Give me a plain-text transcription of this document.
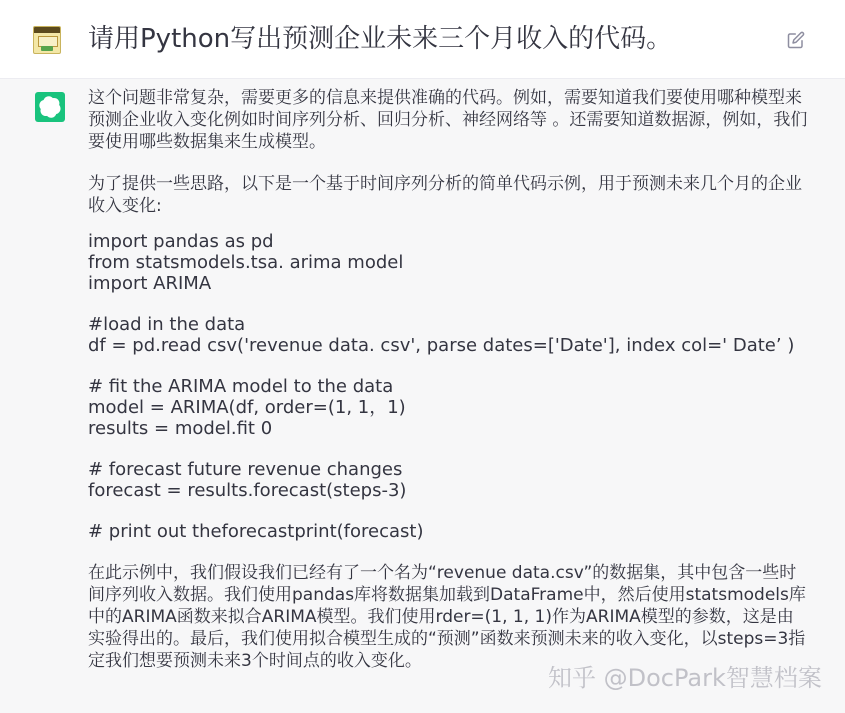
请用Python写出预测企业未来三个月收入的代码。

这个问题非常复杂，需要更多的信息来提供准确的代码。例如，需要知道我们要使用哪种模型来预测企业收入变化例如时间序列分析、回归分析、神经网络等 。还需要知道数据源，例如，我们要使用哪些数据集来生成模型。

为了提供一些思路，以下是一个基于时间序列分析的简单代码示例，用于预测未来几个月的企业收入变化:

import pandas as pd
from statsmodels.tsa. arima model
import ARIMA
#load in the data
df = pd.read csv('revenue data. csv', parse dates=['Date'], index col=' Date’ )
# fit the ARIMA model to the data
model = ARIMA(df, order=(1, 1，1)
results = model.fit 0
# forecast future revenue changes
forecast = results.forecast(steps-3)
# print out theforecastprint(forecast)

在此示例中，我们假设我们已经有了一个名为“revenue data.csv”的数据集，其中包含一些时间序列收入数据。我们使用pandas库将数据集加载到DataFrame中，然后使用statsmodels库中的ARIMA函数来拟合ARIMA模型。我们使用rder=(1, 1, 1)作为ARIMA模型的参数，这是由实验得出的。最后，我们使用拟合模型生成的“预测”函数来预测未来的收入变化，以steps=3指定我们想要预测未来3个时间点的收入变化。

知乎 @DocPark智慧档案
